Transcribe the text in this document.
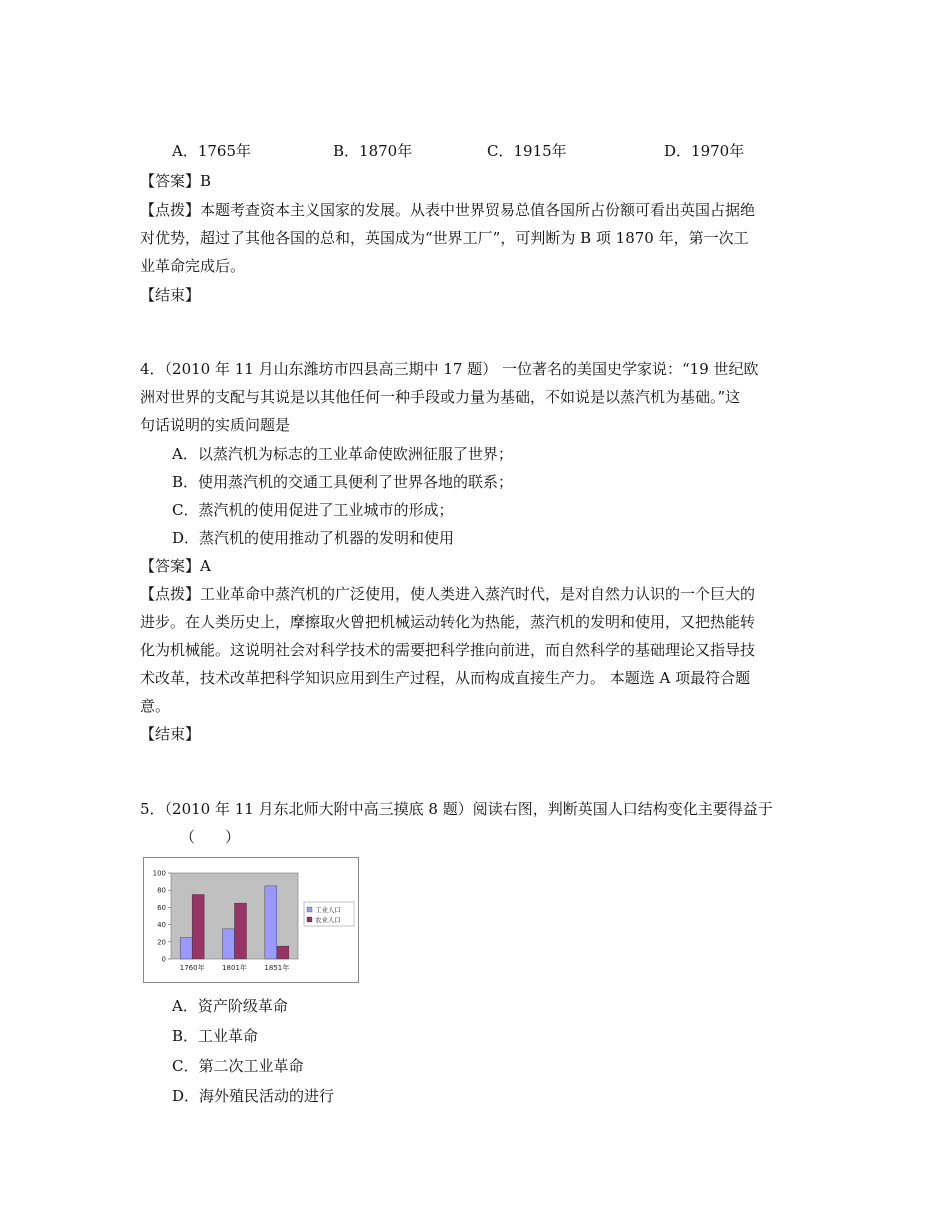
A．1765年	B．1870年	C．1915年	D．1970年
【答案】B
【点拨】本题考查资本主义国家的发展。从表中世界贸易总值各国所占份额可看出英国占据绝
对优势，超过了其他各国的总和，英国成为“世界工厂”，可判断为 B 项 1870 年，第一次工
业革命完成后。
【结束】
4．（2010 年 11 月山东潍坊市四县高三期中 17 题） 一位著名的美国史学家说：“19 世纪欧
洲对世界的支配与其说是以其他任何一种手段或力量为基础，不如说是以蒸汽机为基础。”这
句话说明的实质问题是
A．以蒸汽机为标志的工业革命使欧洲征服了世界；
B．使用蒸汽机的交通工具便利了世界各地的联系；
C．蒸汽机的使用促进了工业城市的形成；
D．蒸汽机的使用推动了机器的发明和使用
【答案】A
【点拨】工业革命中蒸汽机的广泛使用，使人类进入蒸汽时代，是对自然力认识的一个巨大的
进步。在人类历史上，摩擦取火曾把机械运动转化为热能，蒸汽机的发明和使用，又把热能转
化为机械能。这说明社会对科学技术的需要把科学推向前进，而自然科学的基础理论又指导技
术改革，技术改革把科学知识应用到生产过程，从而构成直接生产力。 本题选 A 项最符合题
意。
【结束】
5．（2010 年 11 月东北师大附中高三摸底 8 题）阅读右图，判断英国人口结构变化主要得益于
（　　）
0
20
40
60
80
100
1760年	1801年	1851年
工业人口
农业人口
A．资产阶级革命
B．工业革命
C．第二次工业革命
D．海外殖民活动的进行
